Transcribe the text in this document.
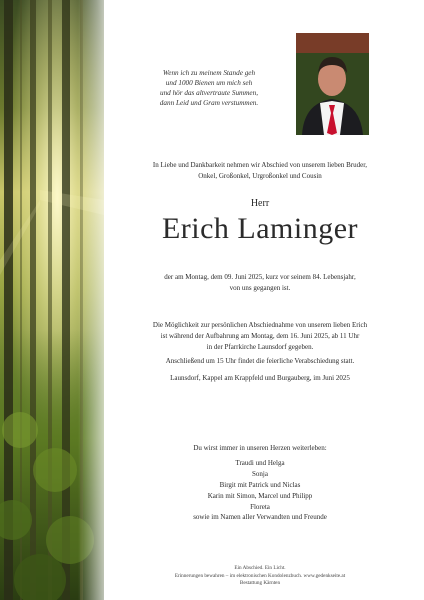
Wenn ich zu meinem Stande geh
und 1000 Bienen um mich seh
und hör das altvertraute Summen,
dann Leid und Gram verstummen.
In Liebe und Dankbarkeit nehmen wir Abschied von unserem lieben Bruder,
Onkel, Großonkel, Urgroßonkel und Cousin
Herr
Erich Laminger
der am Montag, dem 09. Juni 2025, kurz vor seinem 84. Lebensjahr,
von uns gegangen ist.
Die Möglichkeit zur persönlichen Abschiednahme von unserem lieben Erich
ist während der Aufbahrung am Montag, dem 16. Juni 2025, ab 11 Uhr
in der Pfarrkirche Launsdorf gegeben.
Anschließend um 15 Uhr findet die feierliche Verabschiedung statt.
Launsdorf, Kappel am Krappfeld und Burgauberg, im Juni 2025
Du wirst immer in unseren Herzen weiterleben:
Traudi und Helga
Sonja
Birgit mit Patrick und Niclas
Karin mit Simon, Marcel und Philipp
Floreta
sowie im Namen aller Verwandten und Freunde
Ein Abschied. Ein Licht.
Erinnerungen bewahren – im elektronischen Kondolenzbuch. www.gedenkseite.at
Bestattung Kärnten
